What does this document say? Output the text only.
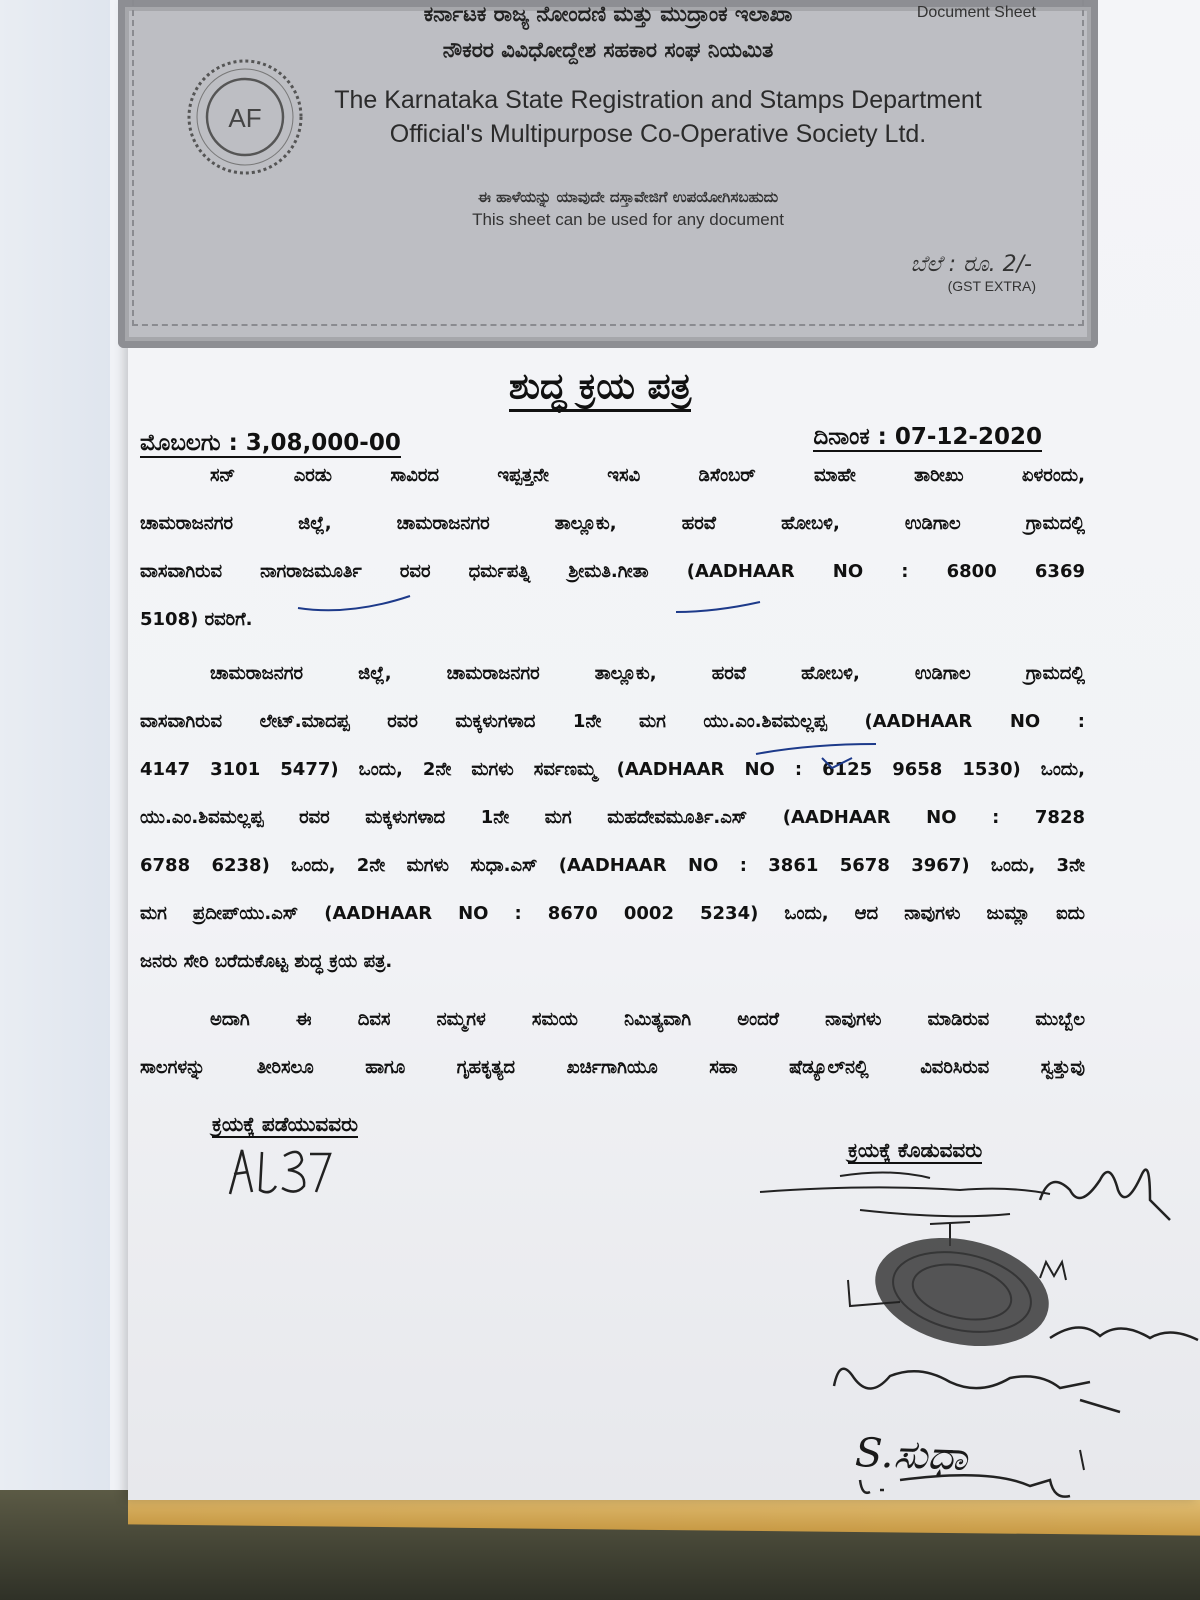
ಕರ್ನಾಟಕ ರಾಜ್ಯ ನೋಂದಣಿ ಮತ್ತು ಮುದ್ರಾಂಕ ಇಲಾಖಾ
ನೌಕರರ ವಿವಿಧೋದ್ದೇಶ ಸಹಕಾರ ಸಂಘ ನಿಯಮಿತ
Document Sheet
AF
The Karnataka State Registration and Stamps Department
Official's Multipurpose Co-Operative Society Ltd.
ಈ ಹಾಳೆಯನ್ನು ಯಾವುದೇ ದಸ್ತಾವೇಜಿಗೆ ಉಪಯೋಗಿಸಬಹುದು
This sheet can be used for any document
ಬೆಲೆ : ರೂ. 2/-
(GST EXTRA)
ಶುದ್ಧ ಕ್ರಯ ಪತ್ರ
ಮೊಬಲಗು : 3,08,000-00	ದಿನಾಂಕ : 07-12-2020
ಸನ್ ಎರಡು ಸಾವಿರದ ಇಪ್ಪತ್ತನೇ ಇಸವಿ ಡಿಸೆಂಬರ್ ಮಾಹೇ ತಾರೀಖು ಏಳರಂದು,
ಚಾಮರಾಜನಗರ ಜಿಲ್ಲೆ, ಚಾಮರಾಜನಗರ ತಾಲ್ಲೂಕು, ಹರವೆ ಹೋಬಳಿ, ಉಡಿಗಾಲ ಗ್ರಾಮದಲ್ಲಿ
ವಾಸವಾಗಿರುವ ನಾಗರಾಜಮೂರ್ತಿ ರವರ ಧರ್ಮಪತ್ನಿ ಶ್ರೀಮತಿ.ಗೀತಾ (AADHAAR NO : 6800 6369
5108) ರವರಿಗೆ.
ಚಾಮರಾಜನಗರ ಜಿಲ್ಲೆ, ಚಾಮರಾಜನಗರ ತಾಲ್ಲೂಕು, ಹರವೆ ಹೋಬಳಿ, ಉಡಿಗಾಲ ಗ್ರಾಮದಲ್ಲಿ
ವಾಸವಾಗಿರುವ ಲೇಟ್.ಮಾದಪ್ಪ ರವರ ಮಕ್ಕಳುಗಳಾದ 1ನೇ ಮಗ ಯು.ಎಂ.ಶಿವಮಲ್ಲಪ್ಪ (AADHAAR NO :
4147 3101 5477) ಒಂದು, 2ನೇ ಮಗಳು ಸರ್ವಣಮ್ಮ (AADHAAR NO : 6125 9658 1530) ಒಂದು,
ಯು.ಎಂ.ಶಿವಮಲ್ಲಪ್ಪ ರವರ ಮಕ್ಕಳುಗಳಾದ 1ನೇ ಮಗ ಮಹದೇವಮೂರ್ತಿ.ಎಸ್ (AADHAAR NO : 7828
6788 6238) ಒಂದು, 2ನೇ ಮಗಳು ಸುಧಾ.ಎಸ್ (AADHAAR NO : 3861 5678 3967) ಒಂದು, 3ನೇ
ಮಗ ಪ್ರದೀಪ್‌ಯು.ಎಸ್ (AADHAAR NO : 8670 0002 5234) ಒಂದು, ಆದ ನಾವುಗಳು ಜುಮ್ಲಾ ಐದು
ಜನರು ಸೇರಿ ಬರೆದುಕೊಟ್ಟ ಶುದ್ಧ ಕ್ರಯ ಪತ್ರ.
ಅದಾಗಿ ಈ ದಿವಸ ನಮ್ಮಗಳ ಸಮಯ ನಿಮಿತ್ಯವಾಗಿ ಅಂದರೆ ನಾವುಗಳು ಮಾಡಿರುವ ಮುಬ್ಬೆಲ
ಸಾಲಗಳನ್ನು ತೀರಿಸಲೂ ಹಾಗೂ ಗೃಹಕೃತ್ಯದ ಖರ್ಚಿಗಾಗಿಯೂ ಸಹಾ ಷೆಡ್ಯೂಲ್‌ನಲ್ಲಿ ವಿವರಿಸಿರುವ ಸ್ವತ್ತುವು
ಕ್ರಯಕ್ಕೆ ಪಡೆಯುವವರು
ಕ್ರಯಕ್ಕೆ ಕೊಡುವವರು
S.ಸುಧಾ
